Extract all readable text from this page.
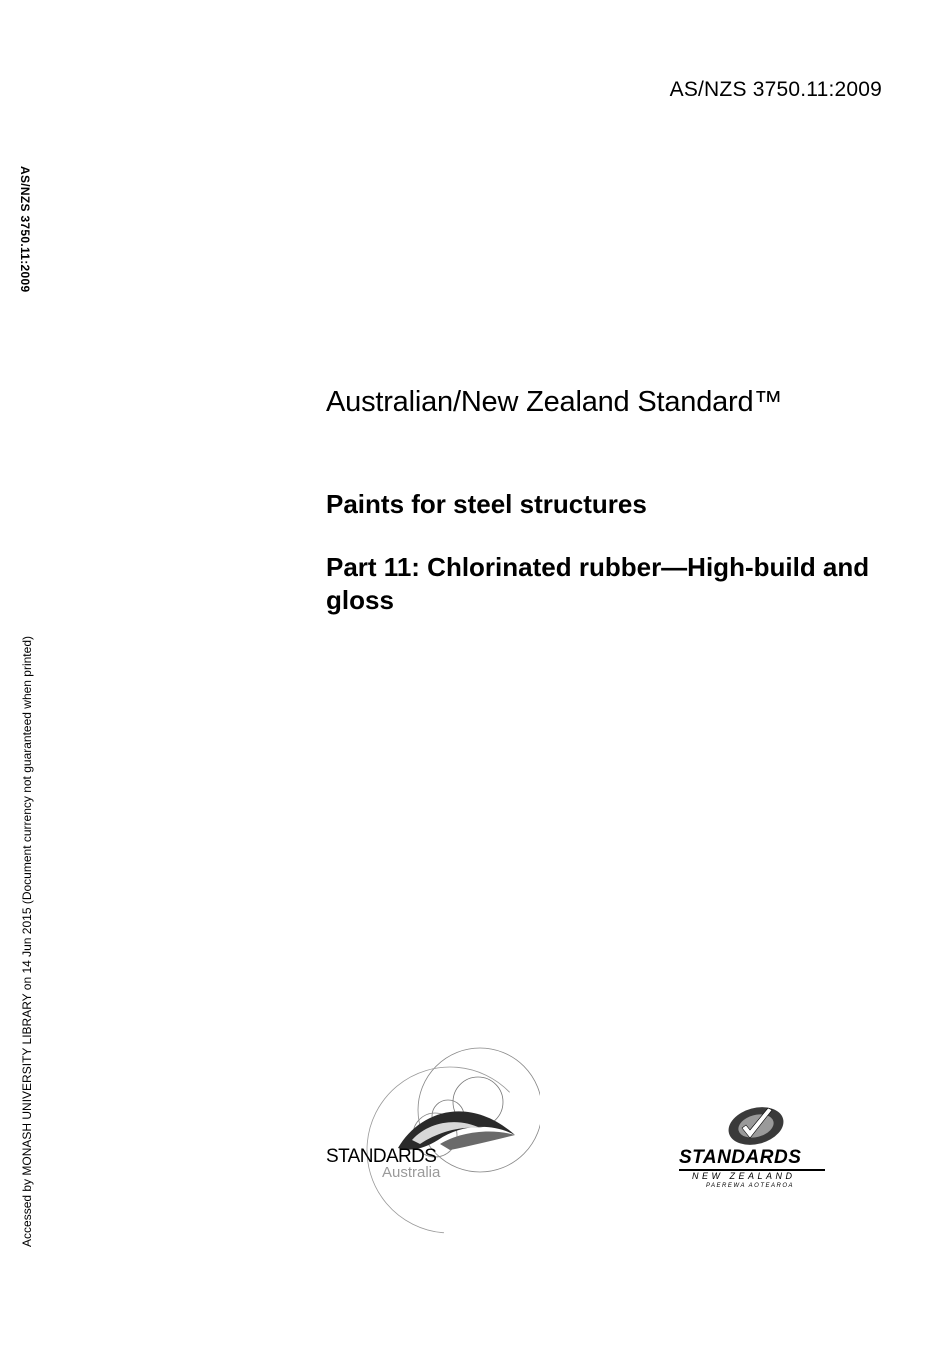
AS/NZS 3750.11:2009
AS/NZS 3750.11:2009
Accessed by MONASH UNIVERSITY LIBRARY on 14 Jun 2015 (Document currency not guaranteed when printed)
Australian/New Zealand Standard™
Paints for steel structures
Part 11: Chlorinated rubber—High-build and gloss
STANDARDS
Australia
STANDARDS
NEW ZEALAND
PAEREWA AOTEAROA
